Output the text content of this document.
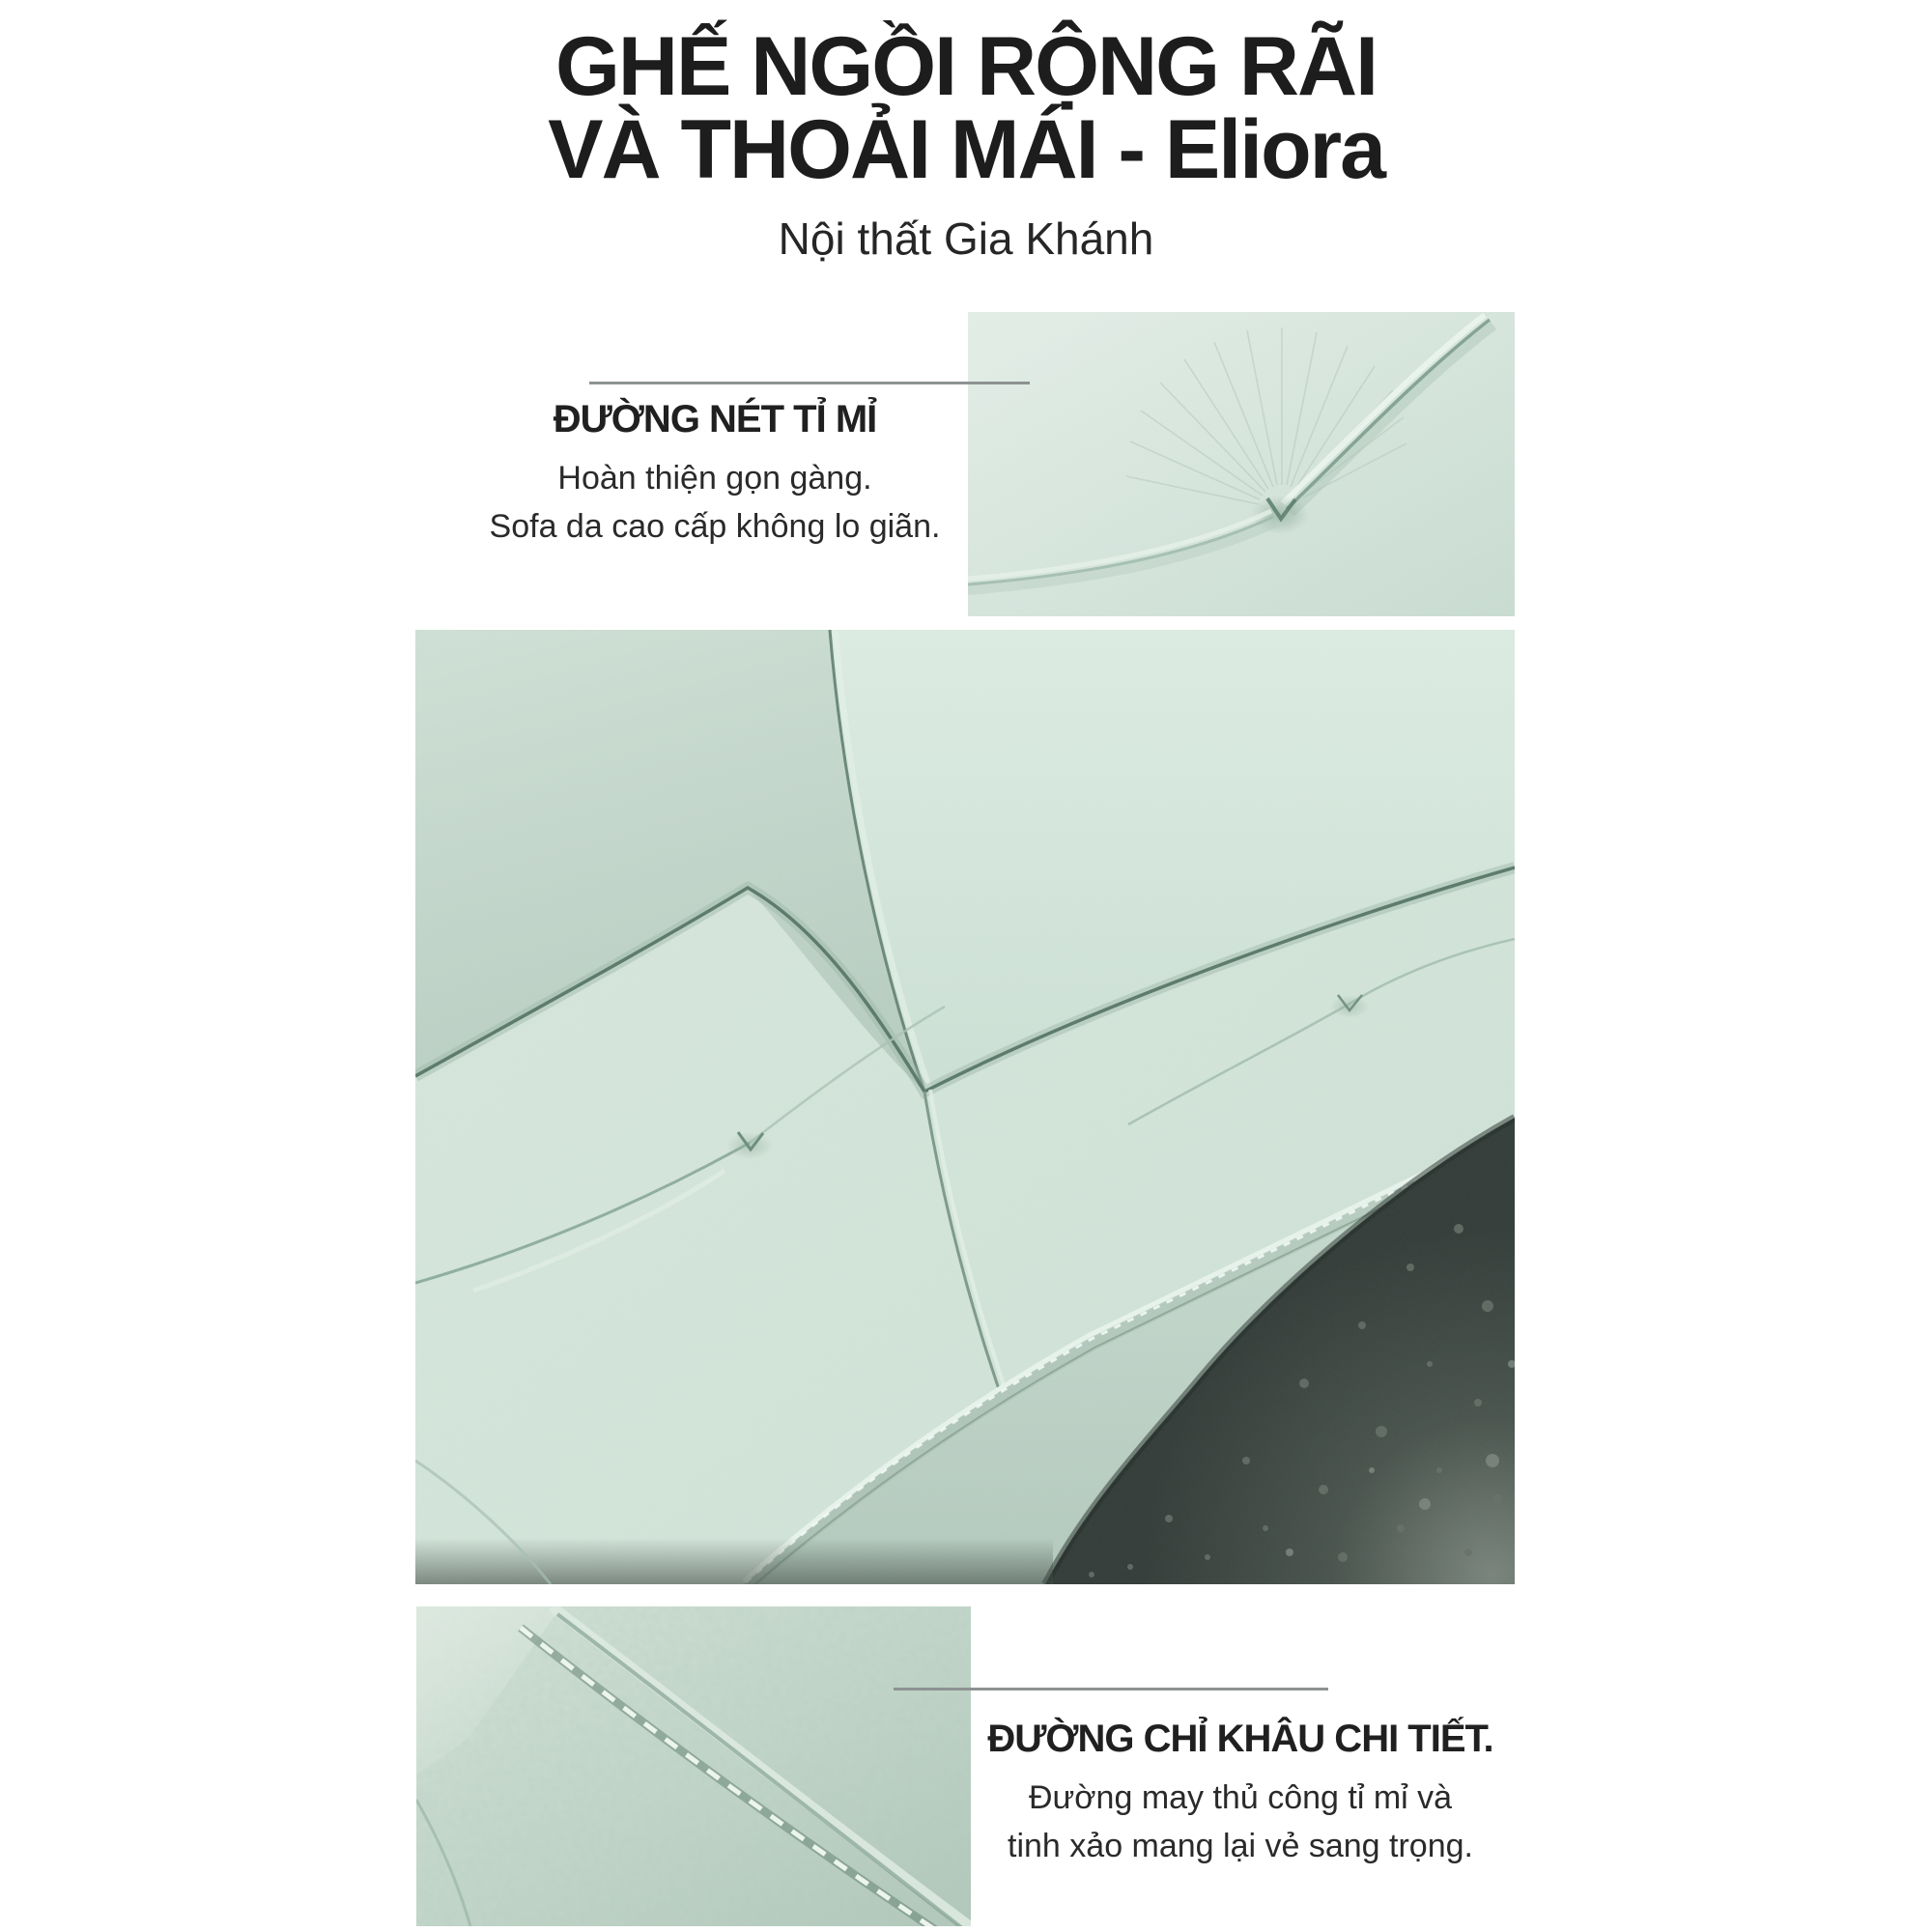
GHẾ NGỒI RỘNG RÃI
VÀ THOẢI MÁI - Eliora
Nội thất Gia Khánh
ĐƯỜNG NÉT TỈ MỈ

Hoàn thiện gọn gàng.

Sofa da cao cấp không lo giãn.

ĐƯỜNG CHỈ KHÂU CHI TIẾT.

Đường may thủ công tỉ mỉ và

tinh xảo mang lại vẻ sang trọng.
